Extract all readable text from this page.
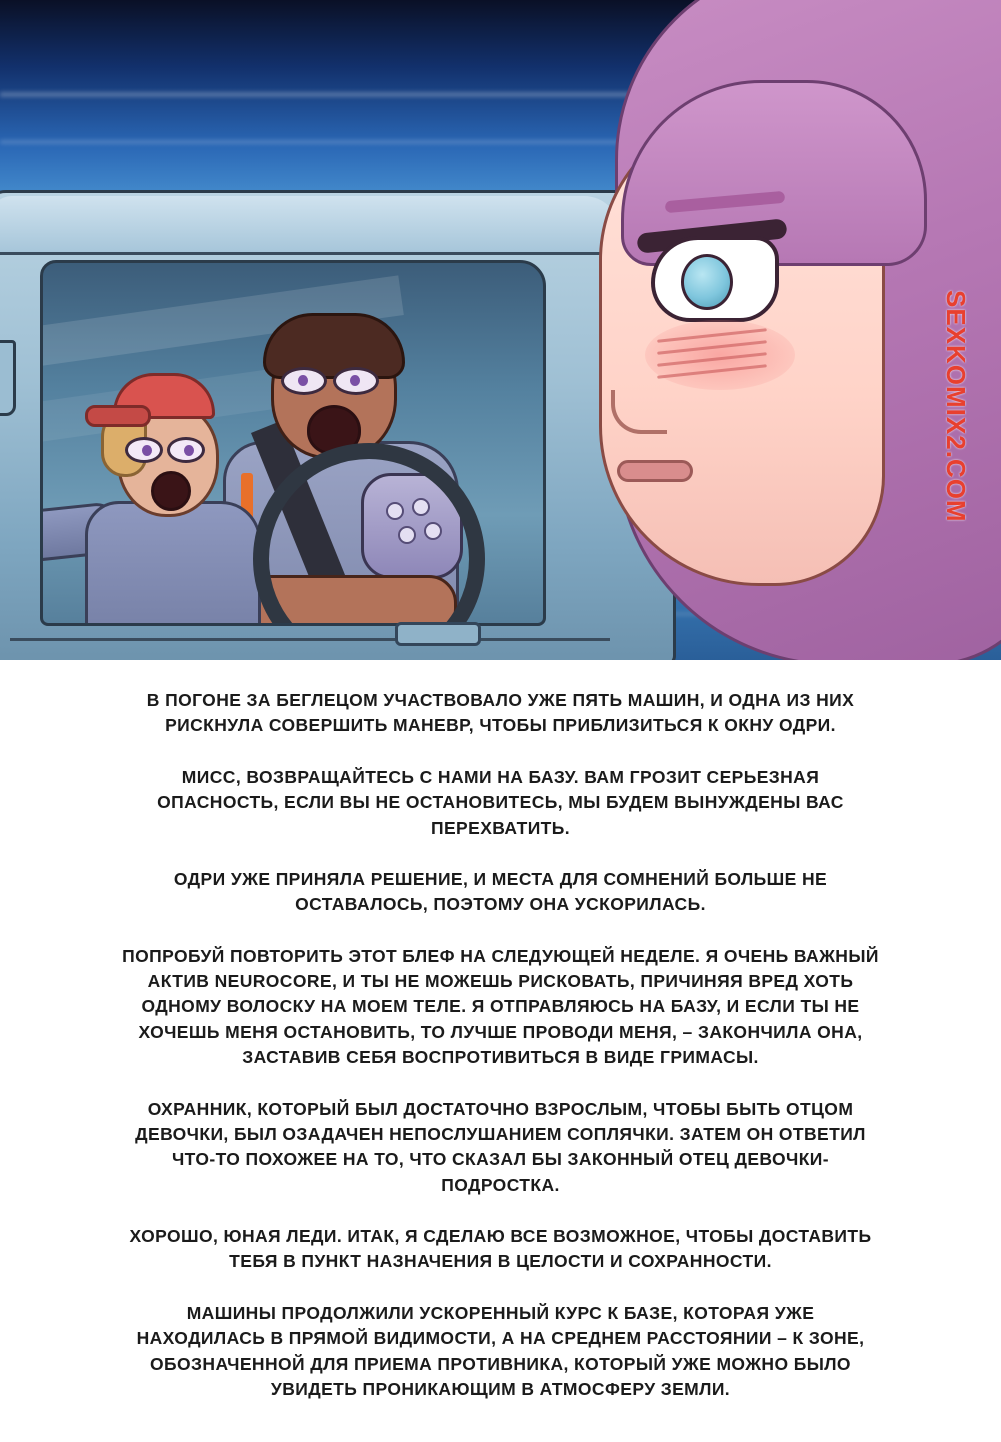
SEXKOMIX2.COM

В ПОГОНЕ ЗА БЕГЛЕЦОМ УЧАСТВОВАЛО УЖЕ ПЯТЬ МАШИН, И ОДНА ИЗ НИХ РИСКНУЛА СОВЕРШИТЬ МАНЕВР, ЧТОБЫ ПРИБЛИЗИТЬСЯ К ОКНУ ОДРИ.

МИСС, ВОЗВРАЩАЙТЕСЬ С НАМИ НА БАЗУ. ВАМ ГРОЗИТ СЕРЬЕЗНАЯ ОПАСНОСТЬ, ЕСЛИ ВЫ НЕ ОСТАНОВИТЕСЬ, МЫ БУДЕМ ВЫНУЖДЕНЫ ВАС ПЕРЕХВАТИТЬ.

ОДРИ УЖЕ ПРИНЯЛА РЕШЕНИЕ, И МЕСТА ДЛЯ СОМНЕНИЙ БОЛЬШЕ НЕ ОСТАВАЛОСЬ, ПОЭТОМУ ОНА УСКОРИЛАСЬ.

ПОПРОБУЙ ПОВТОРИТЬ ЭТОТ БЛЕФ НА СЛЕДУЮЩЕЙ НЕДЕЛЕ. Я ОЧЕНЬ ВАЖНЫЙ АКТИВ NEUROCORE, И ТЫ НЕ МОЖЕШЬ РИСКОВАТЬ, ПРИЧИНЯЯ ВРЕД ХОТЬ ОДНОМУ ВОЛОСКУ НА МОЕМ ТЕЛЕ. Я ОТПРАВЛЯЮСЬ НА БАЗУ, И ЕСЛИ ТЫ НЕ ХОЧЕШЬ МЕНЯ ОСТАНОВИТЬ, ТО ЛУЧШЕ ПРОВОДИ МЕНЯ, – ЗАКОНЧИЛА ОНА, ЗАСТАВИВ СЕБЯ ВОСПРОТИВИТЬСЯ В ВИДЕ ГРИМАСЫ.

ОХРАННИК, КОТОРЫЙ БЫЛ ДОСТАТОЧНО ВЗРОСЛЫМ, ЧТОБЫ БЫТЬ ОТЦОМ ДЕВОЧКИ, БЫЛ ОЗАДАЧЕН НЕПОСЛУШАНИЕМ СОПЛЯЧКИ. ЗАТЕМ ОН ОТВЕТИЛ ЧТО-ТО ПОХОЖЕЕ НА ТО, ЧТО СКАЗАЛ БЫ ЗАКОННЫЙ ОТЕЦ ДЕВОЧКИ-ПОДРОСТКА.

ХОРОШО, ЮНАЯ ЛЕДИ. ИТАК, Я СДЕЛАЮ ВСЕ ВОЗМОЖНОЕ, ЧТОБЫ ДОСТАВИТЬ ТЕБЯ В ПУНКТ НАЗНАЧЕНИЯ В ЦЕЛОСТИ И СОХРАННОСТИ.

МАШИНЫ ПРОДОЛЖИЛИ УСКОРЕННЫЙ КУРС К БАЗЕ, КОТОРАЯ УЖЕ НАХОДИЛАСЬ В ПРЯМОЙ ВИДИМОСТИ, А НА СРЕДНЕМ РАССТОЯНИИ – К ЗОНЕ, ОБОЗНАЧЕННОЙ ДЛЯ ПРИЕМА ПРОТИВНИКА, КОТОРЫЙ УЖЕ МОЖНО БЫЛО УВИДЕТЬ ПРОНИКАЮЩИМ В АТМОСФЕРУ ЗЕМЛИ.
